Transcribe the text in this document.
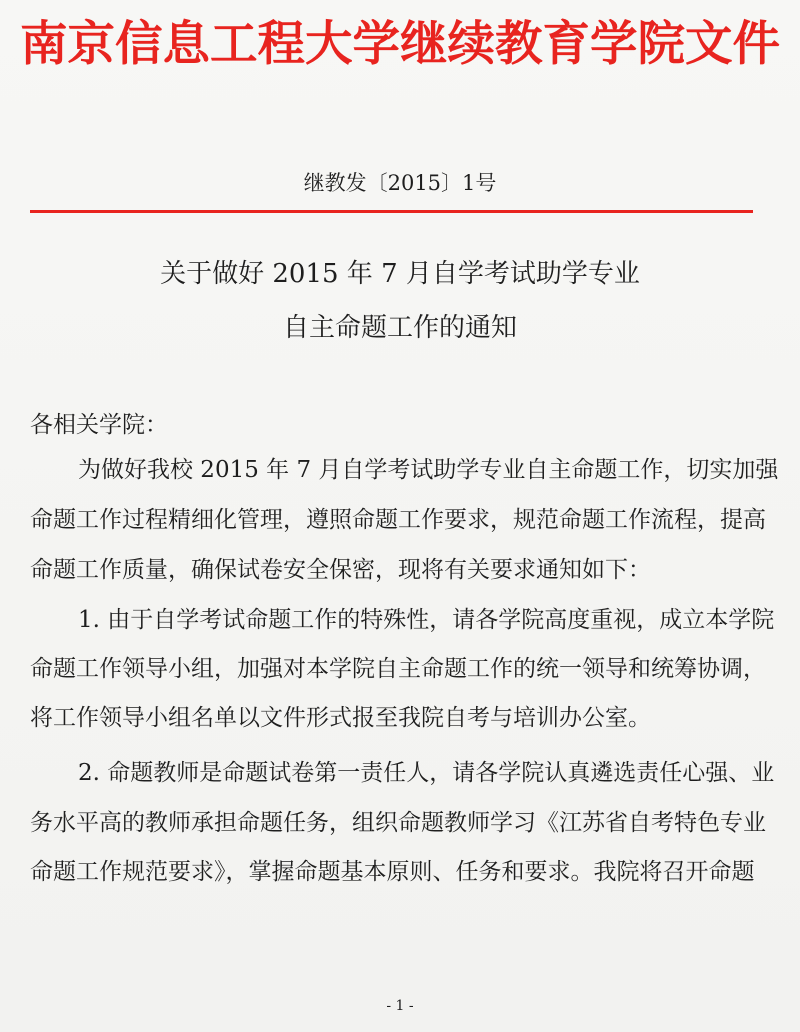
南京信息工程大学继续教育学院文件
继教发〔2015〕1号
关于做好 2015 年 7 月自学考试助学专业
自主命题工作的通知
各相关学院：
为做好我校 2015 年 7 月自学考试助学专业自主命题工作，切实加强
命题工作过程精细化管理，遵照命题工作要求，规范命题工作流程，提高
命题工作质量，确保试卷安全保密，现将有关要求通知如下：
1. 由于自学考试命题工作的特殊性，请各学院高度重视，成立本学院
命题工作领导小组，加强对本学院自主命题工作的统一领导和统筹协调，
将工作领导小组名单以文件形式报至我院自考与培训办公室。
2. 命题教师是命题试卷第一责任人，请各学院认真遴选责任心强、业
务水平高的教师承担命题任务，组织命题教师学习《江苏省自考特色专业
命题工作规范要求》，掌握命题基本原则、任务和要求。我院将召开命题
- 1 -
